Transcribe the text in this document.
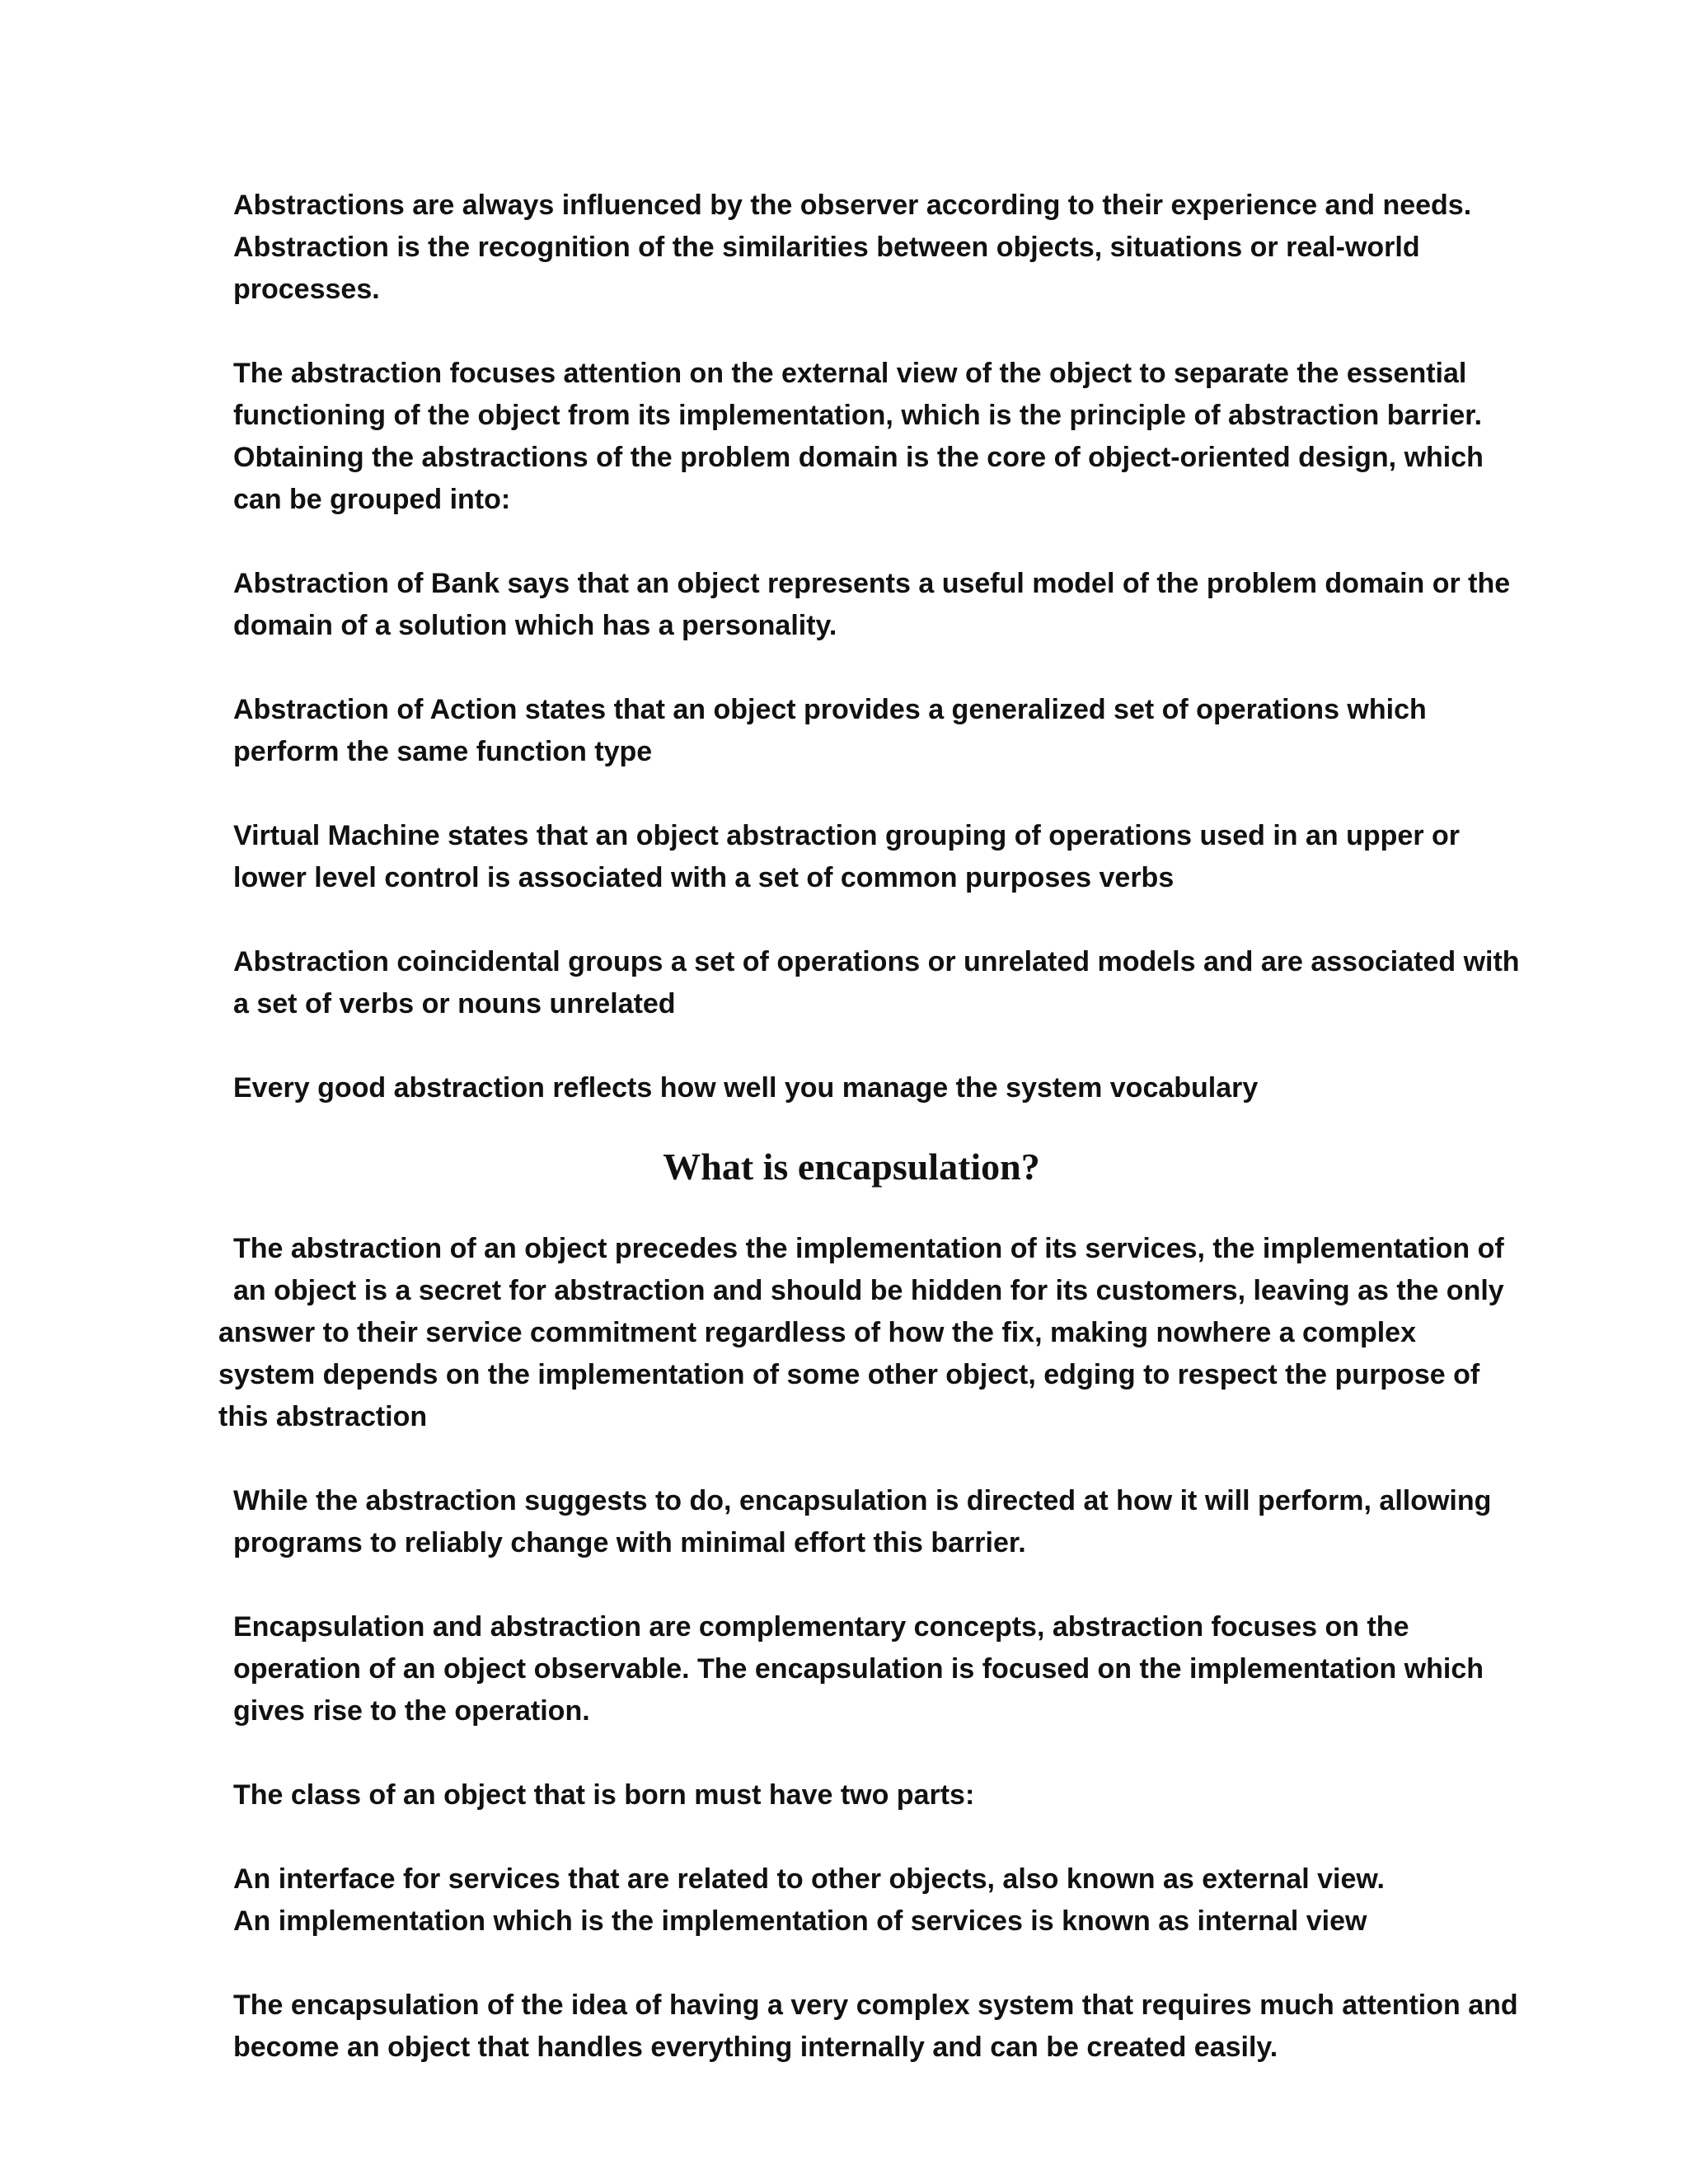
Abstractions are always influenced by the observer according to their experience and needs.
Abstraction is the recognition of the similarities between objects, situations or real-world
processes.
The abstraction focuses attention on the external view of the object to separate the essential
functioning of the object from its implementation, which is the principle of abstraction barrier.
Obtaining the abstractions of the problem domain is the core of object-oriented design, which
can be grouped into:
Abstraction of Bank says that an object represents a useful model of the problem domain or the
domain of a solution which has a personality.
Abstraction of Action states that an object provides a generalized set of operations which
perform the same function type
Virtual Machine states that an object abstraction grouping of operations used in an upper or
lower level control is associated with a set of common purposes verbs
Abstraction coincidental groups a set of operations or unrelated models and are associated with
a set of verbs or nouns unrelated
Every good abstraction reflects how well you manage the system vocabulary
What is encapsulation?
The abstraction of an object precedes the implementation of its services, the implementation of
an object is a secret for abstraction and should be hidden for its customers, leaving as the only
answer to their service commitment regardless of how the fix, making nowhere a complex
system depends on the implementation of some other object, edging to respect the purpose of
this abstraction
While the abstraction suggests to do, encapsulation is directed at how it will perform, allowing
programs to reliably change with minimal effort this barrier.
Encapsulation and abstraction are complementary concepts, abstraction focuses on the
operation of an object observable. The encapsulation is focused on the implementation which
gives rise to the operation.
The class of an object that is born must have two parts:
An interface for services that are related to other objects, also known as external view.
An implementation which is the implementation of services is known as internal view
The encapsulation of the idea of having a very complex system that requires much attention and
become an object that handles everything internally and can be created easily.
